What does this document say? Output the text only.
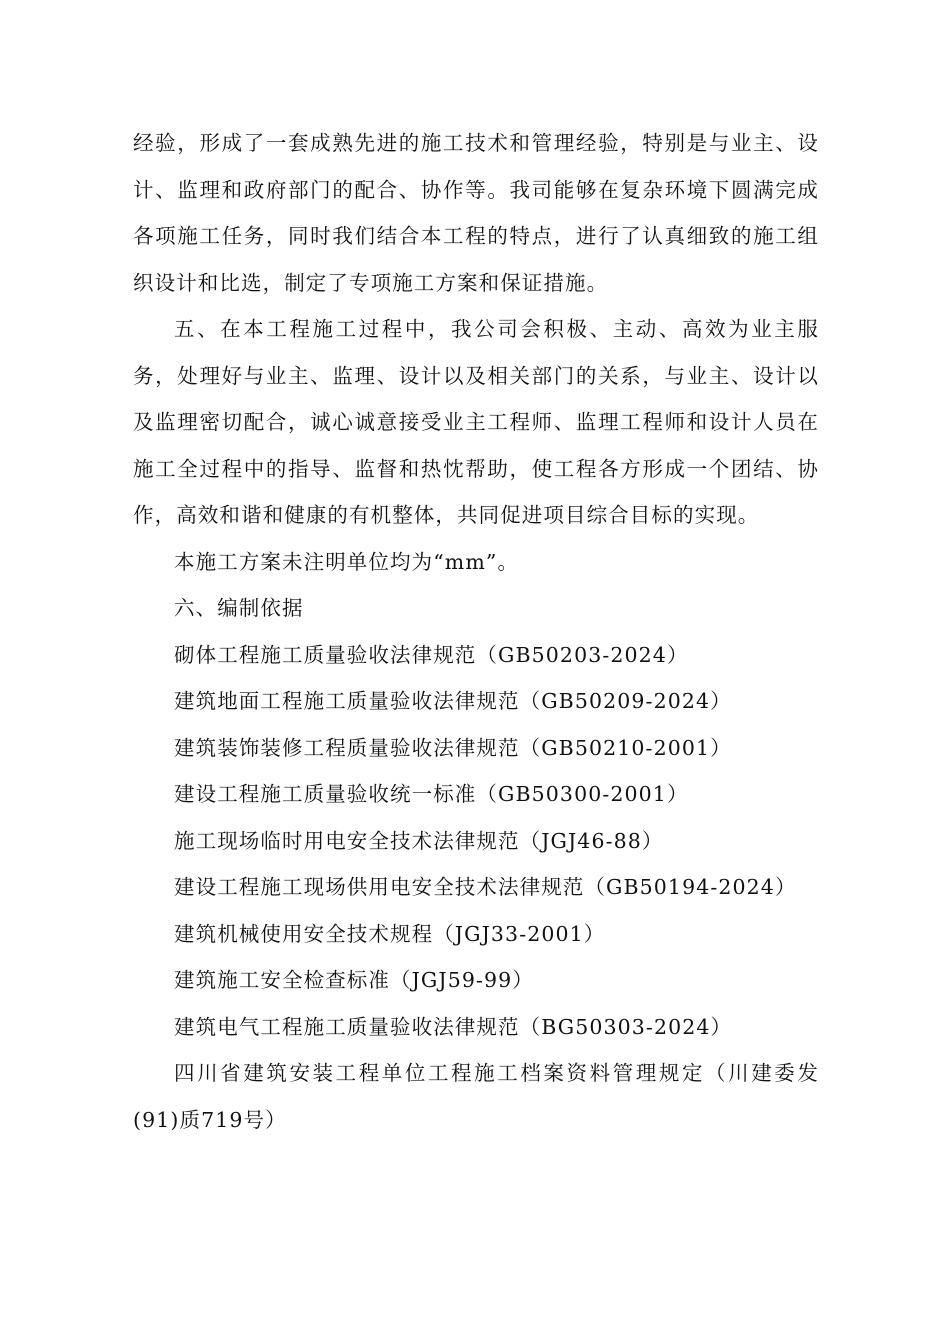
经验，形成了一套成熟先进的施工技术和管理经验，特别是与业主、设计、监理和政府部门的配合、协作等。我司能够在复杂环境下圆满完成各项施工任务，同时我们结合本工程的特点，进行了认真细致的施工组织设计和比选，制定了专项施工方案和保证措施。

五、在本工程施工过程中，我公司会积极、主动、高效为业主服务，处理好与业主、监理、设计以及相关部门的关系，与业主、设计以及监理密切配合，诚心诚意接受业主工程师、监理工程师和设计人员在施工全过程中的指导、监督和热忱帮助，使工程各方形成一个团结、协作，高效和谐和健康的有机整体，共同促进项目综合目标的实现。

本施工方案未注明单位均为“mm”。

六、编制依据

砌体工程施工质量验收法律规范（GB50203-2024）
建筑地面工程施工质量验收法律规范（GB50209-2024）
建筑装饰装修工程质量验收法律规范（GB50210-2001）
建设工程施工质量验收统一标准（GB50300-2001）
施工现场临时用电安全技术法律规范（JGJ46-88）
建设工程施工现场供用电安全技术法律规范（GB50194-2024）
建筑机械使用安全技术规程（JGJ33-2001）
建筑施工安全检查标准（JGJ59-99）
建筑电气工程施工质量验收法律规范（BG50303-2024）
四川省建筑安装工程单位工程施工档案资料管理规定（川建委发(91)质719号）
